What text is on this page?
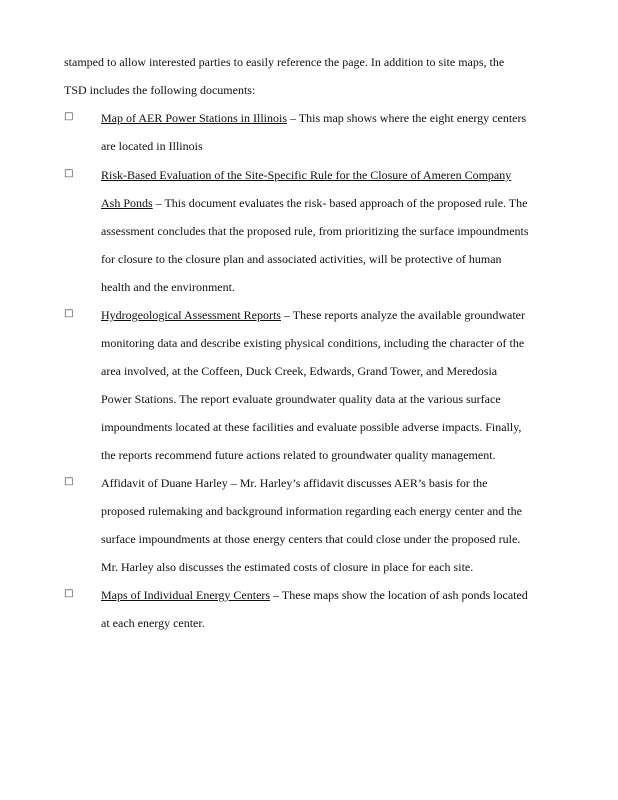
stamped to allow interested parties to easily reference the page. In addition to site maps, the
TSD includes the following documents:
□ Map of AER Power Stations in Illinois – This map shows where the eight energy centers
are located in Illinois
□ Risk-Based Evaluation of the Site-Specific Rule for the Closure of Ameren Company
Ash Ponds – This document evaluates the risk- based approach of the proposed rule. The
assessment concludes that the proposed rule, from prioritizing the surface impoundments
for closure to the closure plan and associated activities, will be protective of human
health and the environment.
□ Hydrogeological Assessment Reports – These reports analyze the available groundwater
monitoring data and describe existing physical conditions, including the character of the
area involved, at the Coffeen, Duck Creek, Edwards, Grand Tower, and Meredosia
Power Stations. The report evaluate groundwater quality data at the various surface
impoundments located at these facilities and evaluate possible adverse impacts. Finally,
the reports recommend future actions related to groundwater quality management.
□ Affidavit of Duane Harley – Mr. Harley’s affidavit discusses AER’s basis for the
proposed rulemaking and background information regarding each energy center and the
surface impoundments at those energy centers that could close under the proposed rule.
Mr. Harley also discusses the estimated costs of closure in place for each site.
□ Maps of Individual Energy Centers – These maps show the location of ash ponds located
at each energy center.
